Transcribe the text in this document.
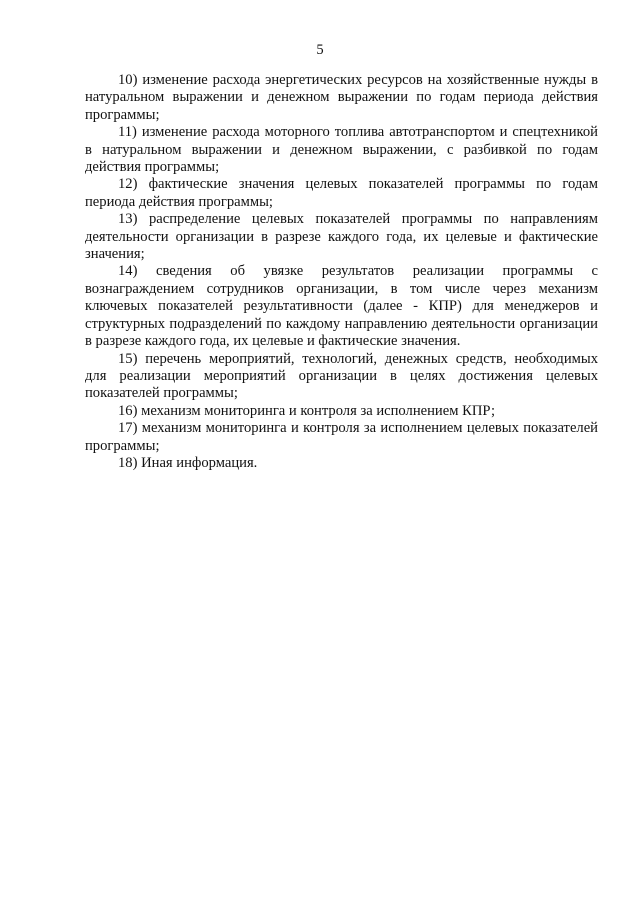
5

10) изменение расхода энергетических ресурсов на хозяйственные нужды в натуральном выражении и денежном выражении по годам периода действия программы;

11) изменение расхода моторного топлива автотранспортом и спецтехникой в натуральном выражении и денежном выражении, с разбивкой по годам действия программы;

12) фактические значения целевых показателей программы по годам периода действия программы;

13) распределение целевых показателей программы по направлениям деятельности организации в разрезе каждого года, их целевые и фактические значения;

14) сведения об увязке результатов реализации программы с вознаграждением сотрудников организации, в том числе через механизм ключевых показателей результативности (далее - КПР) для менеджеров и структурных подразделений по каждому направлению деятельности организации в разрезе каждого года, их целевые и фактические значения.

15) перечень мероприятий, технологий, денежных средств, необходимых для реализации мероприятий организации в целях достижения целевых показателей программы;

16) механизм мониторинга и контроля за исполнением КПР;

17) механизм мониторинга и контроля за исполнением целевых показателей программы;

18) Иная информация.
